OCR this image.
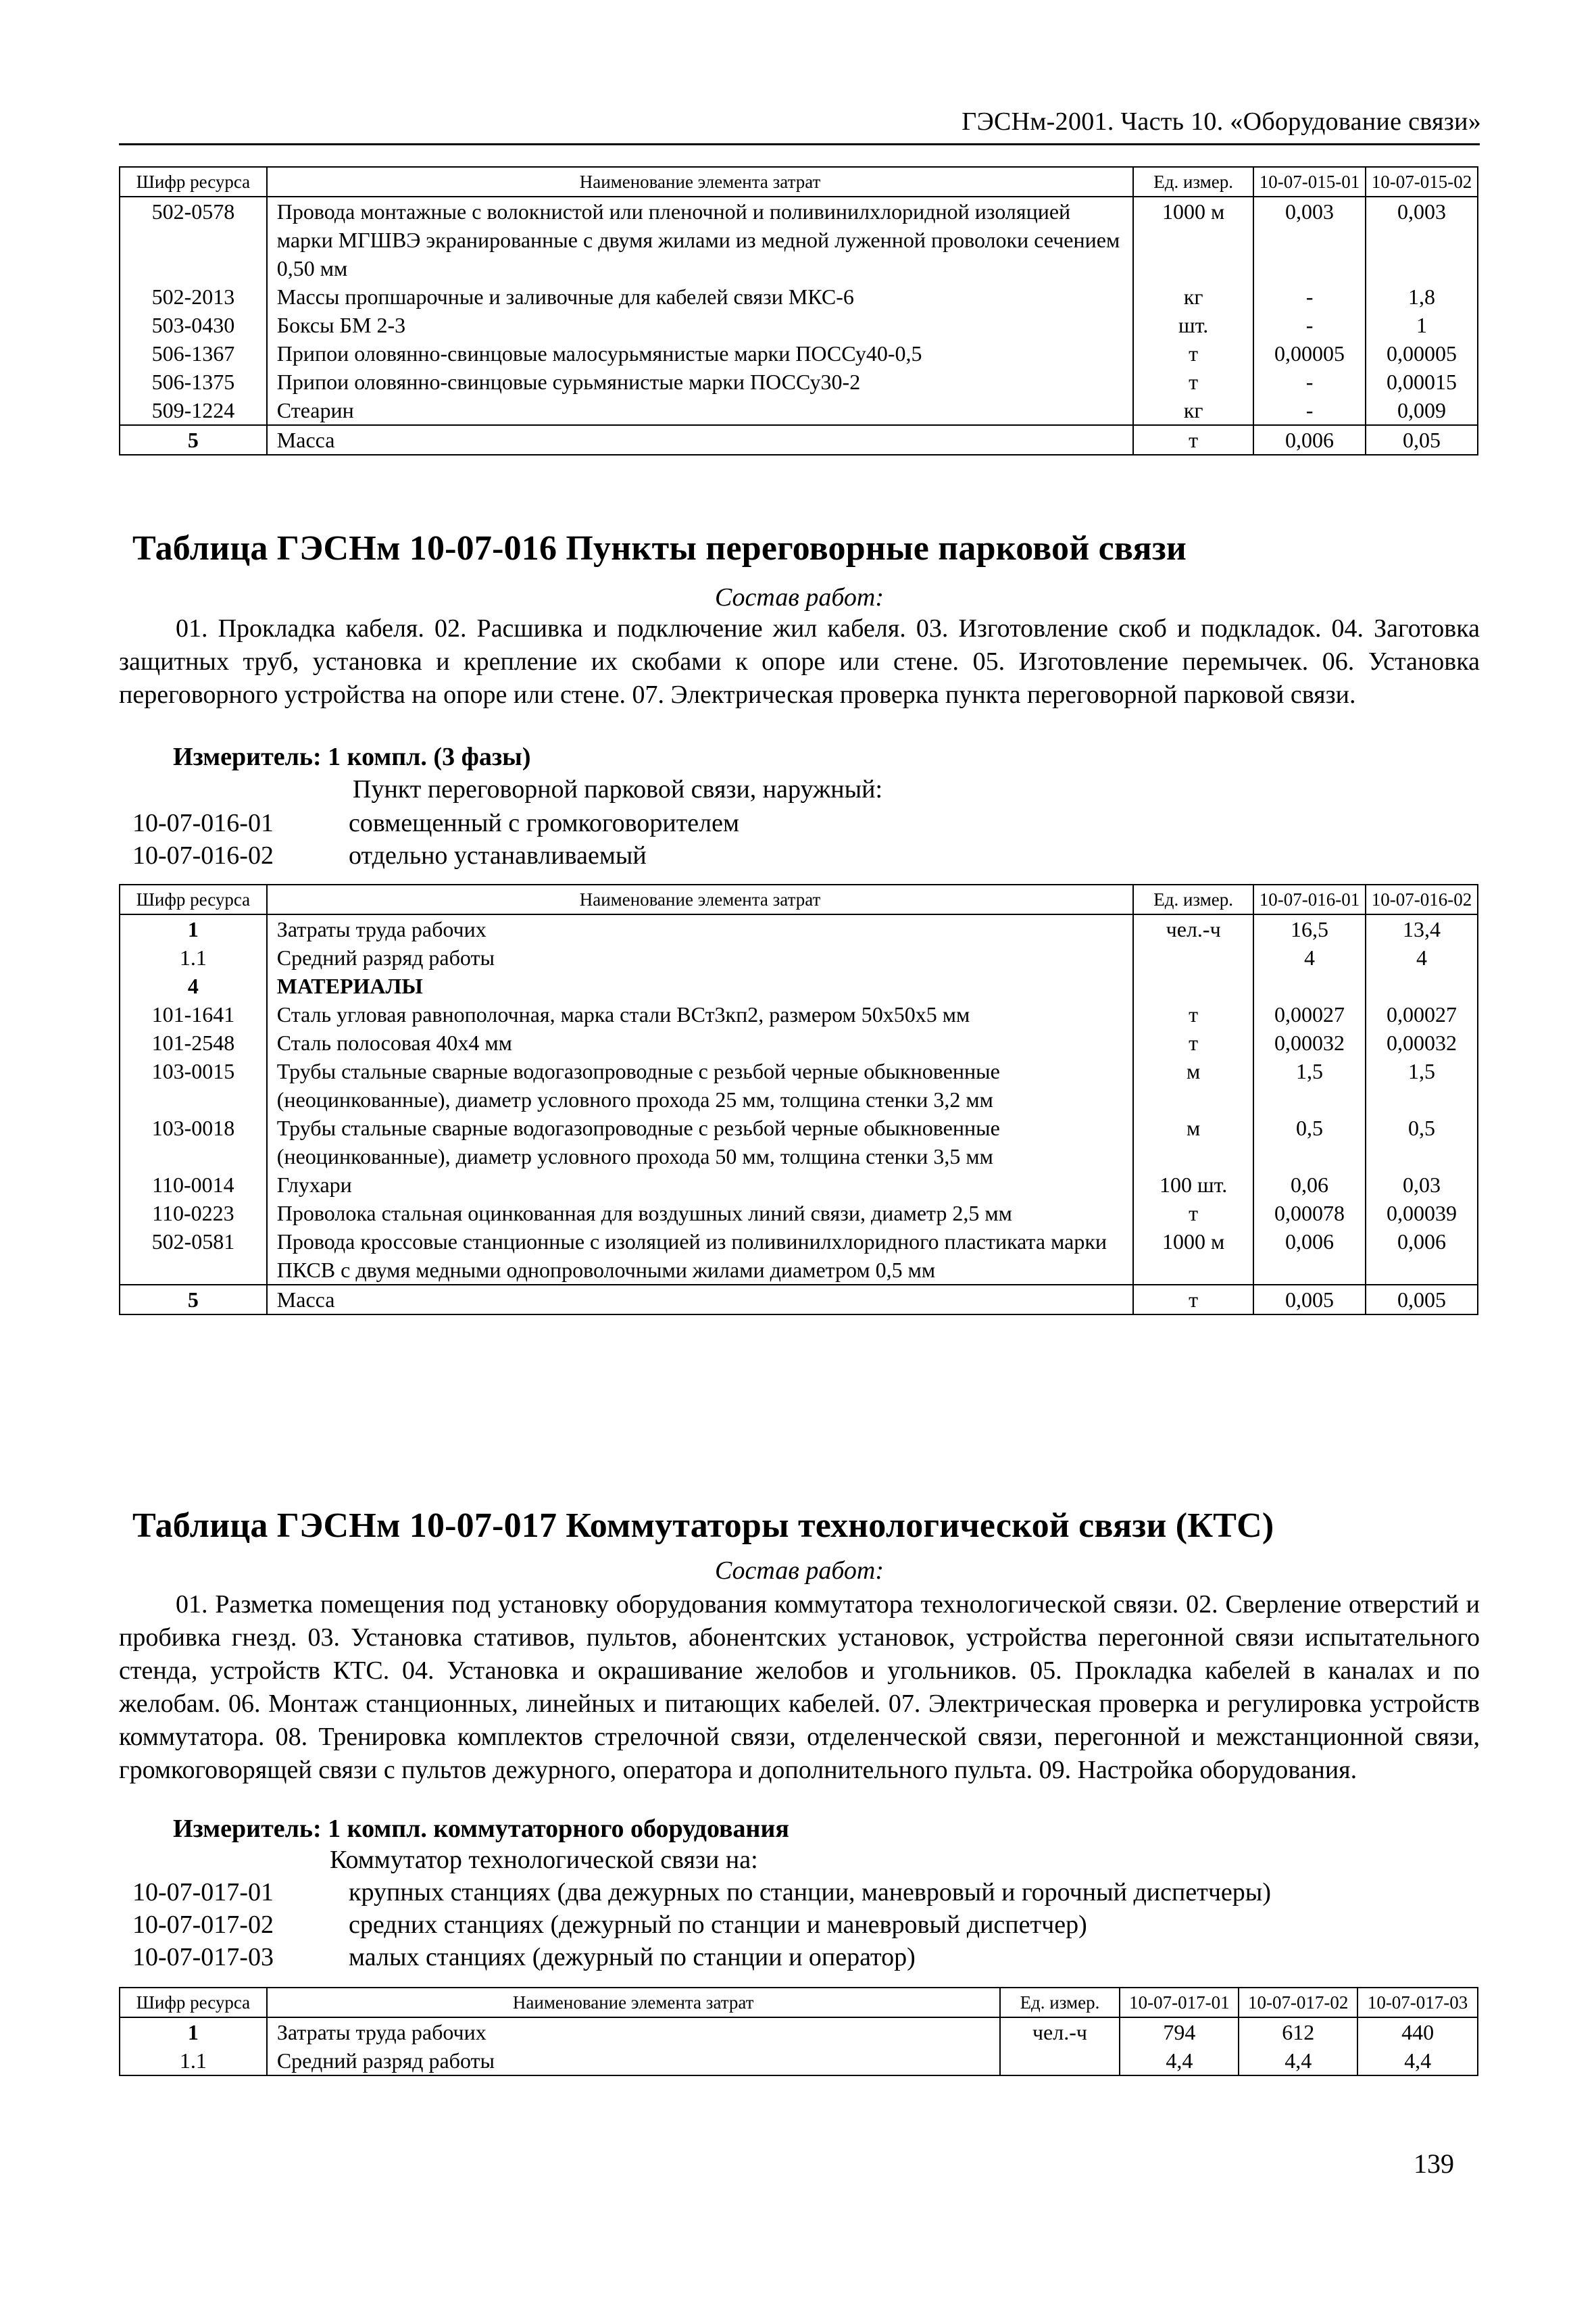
ГЭСНм-2001. Часть 10. «Оборудование связи»
Шифр ресурса	Наименование элемента затрат	Ед. измер.	10-07-015-01	10-07-015-02
502-0578	Провода монтажные с волокнистой или пленочной и поливинилхлоридной изоляцией марки МГШВЭ экранированные с двумя жилами из медной луженной проволоки сечением 0,50 мм	1000 м	0,003	0,003
502-2013	Массы пропшарочные и заливочные для кабелей связи МКС-6	кг	-	1,8
503-0430	Боксы БМ 2-3	шт.	-	1
506-1367	Припои оловянно-свинцовые малосурьмянистые марки ПОССу40-0,5	т	0,00005	0,00005
506-1375	Припои оловянно-свинцовые сурьмянистые марки ПОССу30-2	т	-	0,00015
509-1224	Стеарин	кг	-	0,009
5	Масса	т	0,006	0,05
Таблица ГЭСНм 10-07-016 Пункты переговорные парковой связи
Состав работ:
01. Прокладка кабеля. 02. Расшивка и подключение жил кабеля. 03. Изготовление скоб и подкладок. 04. Заготовка защитных труб, установка и крепление их скобами к опоре или стене. 05. Изготовление перемычек. 06. Установка переговорного устройства на опоре или стене. 07. Электрическая проверка пункта переговорной парковой связи.
Измеритель: 1 компл. (3 фазы)
Пункт переговорной парковой связи, наружный:
10-07-016-01	совмещенный с громкоговорителем
10-07-016-02	отдельно устанавливаемый
Шифр ресурса	Наименование элемента затрат	Ед. измер.	10-07-016-01	10-07-016-02
1	Затраты труда рабочих	чел.-ч	16,5	13,4
1.1	Средний разряд работы		4	4
4	МАТЕРИАЛЫ			
101-1641	Сталь угловая равнополочная, марка стали ВСт3кп2, размером 50х50х5 мм	т	0,00027	0,00027
101-2548	Сталь полосовая 40х4 мм	т	0,00032	0,00032
103-0015	Трубы стальные сварные водогазопроводные с резьбой черные обыкновенные (неоцинкованные), диаметр условного прохода 25 мм, толщина стенки 3,2 мм	м	1,5	1,5
103-0018	Трубы стальные сварные водогазопроводные с резьбой черные обыкновенные (неоцинкованные), диаметр условного прохода 50 мм, толщина стенки 3,5 мм	м	0,5	0,5
110-0014	Глухари	100 шт.	0,06	0,03
110-0223	Проволока стальная оцинкованная для воздушных линий связи, диаметр 2,5 мм	т	0,00078	0,00039
502-0581	Провода кроссовые станционные с изоляцией из поливинилхлоридного пластиката марки ПКСВ с двумя медными однопроволочными жилами диаметром 0,5 мм	1000 м	0,006	0,006
5	Масса	т	0,005	0,005
Таблица ГЭСНм 10-07-017 Коммутаторы технологической связи (КТС)
Состав работ:
01. Разметка помещения под установку оборудования коммутатора технологической связи. 02. Сверление отверстий и пробивка гнезд. 03. Установка стативов, пультов, абонентских установок, устройства перегонной связи испытательного стенда, устройств КТС. 04. Установка и окрашивание желобов и угольников. 05. Прокладка кабелей в каналах и по желобам. 06. Монтаж станционных, линейных и питающих кабелей. 07. Электрическая проверка и регулировка устройств коммутатора. 08. Тренировка комплектов стрелочной связи, отделенческой связи, перегонной и межстанционной связи, громкоговорящей связи с пультов дежурного, оператора и дополнительного пульта. 09. Настройка оборудования.
Измеритель: 1 компл. коммутаторного оборудования
Коммутатор технологической связи на:
10-07-017-01	крупных станциях (два дежурных по станции, маневровый и горочный диспетчеры)
10-07-017-02	средних станциях (дежурный по станции и маневровый диспетчер)
10-07-017-03	малых станциях (дежурный по станции и оператор)
Шифр ресурса	Наименование элемента затрат	Ед. измер.	10-07-017-01	10-07-017-02	10-07-017-03
1	Затраты труда рабочих	чел.-ч	794	612	440
1.1	Средний разряд работы		4,4	4,4	4,4
139
